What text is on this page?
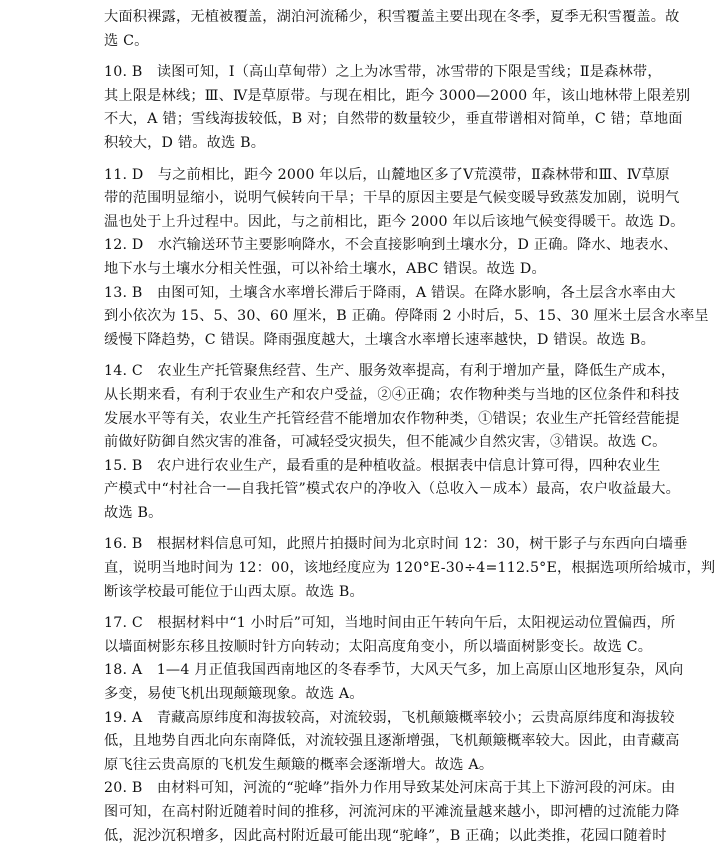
大面积裸露，无植被覆盖，湖泊河流稀少，积雪覆盖主要出现在冬季，夏季无积雪覆盖。故
选 C。
10. B　读图可知，Ⅰ（高山草甸带）之上为冰雪带，冰雪带的下限是雪线；Ⅱ是森林带，
其上限是林线；Ⅲ、Ⅳ是草原带。与现在相比，距今 3000—2000 年，该山地林带上限差别
不大，A 错；雪线海拔较低，B 对；自然带的数量较少，垂直带谱相对简单，C 错；草地面
积较大，D 错。故选 B。
11. D　与之前相比，距今 2000 年以后，山麓地区多了Ⅴ荒漠带，Ⅱ森林带和Ⅲ、Ⅳ草原
带的范围明显缩小，说明气候转向干旱；干旱的原因主要是气候变暖导致蒸发加剧，说明气
温也处于上升过程中。因此，与之前相比，距今 2000 年以后该地气候变得暖干。故选 D。
12. D　水汽输送环节主要影响降水，不会直接影响到土壤水分，D 正确。降水、地表水、
地下水与土壤水分相关性强，可以补给土壤水，ABC 错误。故选 D。
13. B　由图可知，土壤含水率增长滞后于降雨，A 错误。在降水影响，各土层含水率由大
到小依次为 15、5、30、60 厘米，B 正确。停降雨 2 小时后，5、15、30 厘米土层含水率呈
缓慢下降趋势，C 错误。降雨强度越大，土壤含水率增长速率越快，D 错误。故选 B。
14. C　农业生产托管聚焦经营、生产、服务效率提高，有利于增加产量，降低生产成本，
从长期来看，有利于农业生产和农户受益，②④正确；农作物种类与当地的区位条件和科技
发展水平等有关，农业生产托管经营不能增加农作物种类，①错误；农业生产托管经营能提
前做好防御自然灾害的准备，可减轻受灾损失，但不能减少自然灾害，③错误。故选 C。
15. B　农户进行农业生产，最看重的是种植收益。根据表中信息计算可得，四种农业生
产模式中“村社合一—自我托管”模式农户的净收入（总收入－成本）最高，农户收益最大。
故选 B。
16. B　根据材料信息可知，此照片拍摄时间为北京时间 12：30，树干影子与东西向白墙垂
直，说明当地时间为 12：00，该地经度应为 120°E-30÷4=112.5°E，根据选项所给城市，判
断该学校最可能位于山西太原。故选 B。
17. C　根据材料中“1 小时后”可知，当地时间由正午转向午后，太阳视运动位置偏西，所
以墙面树影东移且按顺时针方向转动；太阳高度角变小，所以墙面树影变长。故选 C。
18. A　1—4 月正值我国西南地区的冬春季节，大风天气多，加上高原山区地形复杂，风向
多变，易使飞机出现颠簸现象。故选 A。
19. A　青藏高原纬度和海拔较高，对流较弱，飞机颠簸概率较小；云贵高原纬度和海拔较
低，且地势自西北向东南降低，对流较强且逐渐增强，飞机颠簸概率较大。因此，由青藏高
原飞往云贵高原的飞机发生颠簸的概率会逐渐增大。故选 A。
20. B　由材料可知，河流的“驼峰”指外力作用导致某处河床高于其上下游河段的河床。由
图可知，在高村附近随着时间的推移，河流河床的平滩流量越来越小，即河槽的过流能力降
低，泥沙沉积增多，因此高村附近最可能出现“驼峰”，B 正确；以此类推，花园口随着时
